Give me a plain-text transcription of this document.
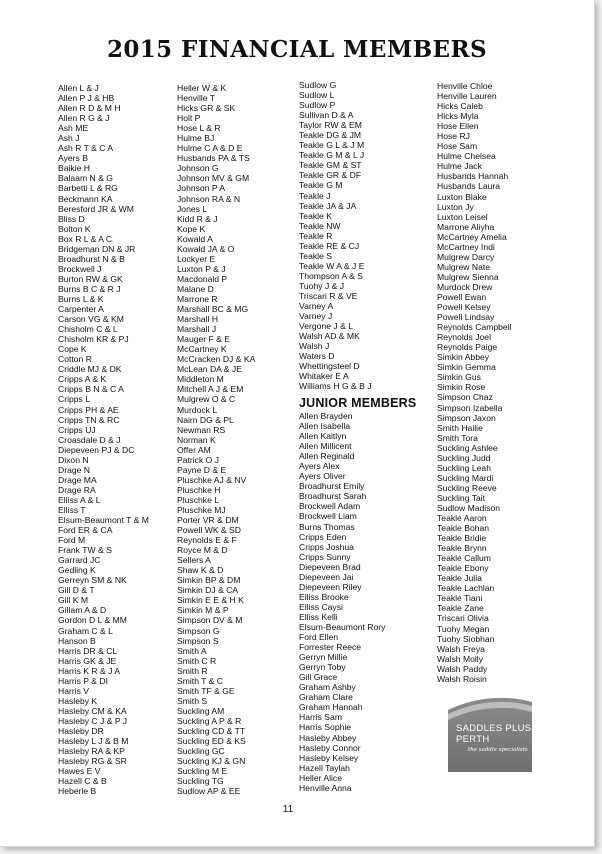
2015 FINANCIAL MEMBERS
Allen L & J
Allen P J & HB
Allen R D & M H
Allen R G & J
Ash ME
Ash J
Ash R T & C A
Ayers B
Baikie H
Balaam N & G
Barbetti L & RG
Beckmann KA
Beresford JR & WM
Bliss D
Bolton K
Box R L & A C
Bridgeman DN & JR
Broadhurst N & B
Brockwell J
Burton RW & GK
Burns B C & R J
Burns L & K
Carpenter A
Carson VG & KM
Chisholm C & L
Chisholm KR & PJ
Cope K
Cotton R
Criddle MJ & DK
Cripps A & K
Cripps B N & C A
Cripps L
Cripps PH & AE
Cripps TN & RC
Cripps UJ
Croasdale D & J
Diepeveen PJ & DC
Dixon N
Drage N
Drage MA
Drage RA
Elliss A & L
Elliss T
Elsum-Beaumont T & M
Ford ER & CA
Ford M
Frank TW & S
Garrard JC
Gedling K
Gerreyn SM & NK
Gill D & T
Gill K M
Gillam A & D
Gordon D L & MM
Graham C & L
Hanson B
Harris DR & CL
Harris GK & JE
Harris K R & J A
Harris P & DI
Harris V
Hasleby K
Hasleby CM & KA
Hasleby C J & P J
Hasleby DR
Hasleby L J & B M
Hasleby RA & KP
Hasleby RG & SR
Hawes E V
Hazell C & B
Heberle B
Heller W & K
Henville T
Hicks GR & SK
Holt P
Hose L & R
Hulme BJ
Hulme C A & D E
Husbands PA & TS
Johnson G
Johnson MV & GM
Johnson P A
Johnson RA & N
Jones L
Kidd R & J
Kope K
Kowald A
Kowald JA & O
Lockyer E
Luxton P & J
Macdonald P
Malane D
Marrone R
Marshall BC & MG
Marshall H
Marshall J
Mauger F & E
McCartney K
McCracken DJ & KA
McLean DA & JE
Middleton M
Mitchell A J & EM
Mulgrew O & C
Murdock L
Nairn DG & PL
Newman RS
Norman K
Offer AM
Patrick O J
Payne D & E
Pluschke AJ & NV
Pluschke H
Pluschke L
Pluschke MJ
Porter VR & DM
Powell WK & SD
Reynolds E & F
Royce M & D
Sellers A
Shaw K & D
Simkin BP & DM
Simkin DJ & CA
Simkin E E & H K
Simkin M & P
Simpson DV & M
Simpson G
Simpson S
Smith A
Smith C R
Smith R
Smith T & C
Smith TF & GE
Smith S
Suckling AM
Suckling A P & R
Suckling CD & TT
Suckling ED & KS
Suckling GC
Suckling KJ & GN
Suckling M E
Suckling TG
Sudlow AP & EE
Sudlow G
Sudlow L
Sudlow P
Sullivan D & A
Taylor RW & EM
Teakle DG & JM
Teakle G L & J M
Teakle G M & L J
Teakle GM & ST
Teakle GR & DF
Teakle G M
Teakle J
Teakle JA & JA
Teakle K
Teakle NW
Teakle R
Teakle RE & CJ
Teakle S
Teakle W A & J E
Thompson A & S
Tuohy J & J
Triscari R & VE
Varney A
Varney J
Vergone J & L
Walsh AD & MK
Walsh J
Waters D
Whettingsteel D
Whitaker E A
Williams H G & B J
Henville Chloe
Henville Lauren
Hicks Caleb
Hicks Myla
Hose Ellen
Hose RJ
Hose Sam
Hulme Chelsea
Hulme Jack
Husbands Hannah
Husbands Laura
Luxton Blake
Luxton Jy
Luxton Leisel
Marrone Aliyha
McCartney Amelia
McCartney Indi
Mulgrew Darcy
Mulgrew Nate
Mulgrew Sienna
Murdock Drew
Powell Ewan
Powell Kelsey
Powell Lindsay
Reynolds Campbell
Reynolds Joel
Reynolds Paige
Simkin Abbey
Simkin Gemma
Simkin Gus
Simkin Rose
Simpson Chaz
Simpson Izabella
Simpson Jaxon
Smith Hailie
Smith Tora
Suckling Ashlee
Suckling Judd
Suckling Leah
Suckling Mardi
Suckling Reeve
Suckling Tait
Sudlow Madison
Teakle Aaron
Teakle Bohan
Teakle Bridie
Teakle Brynn
Teakle Callum
Teakle Ebony
Teakle Julia
Teakle Lachlan
Teakle Tiani
Teakle Zane
Triscari Olivia
Tuohy Megan
Tuohy Siobhan
Walsh Freya
Walsh Molly
Walsh Paddy
Walsh Roisin
JUNIOR MEMBERS
Allen Brayden
Allen Isabella
Allen Kaitlyn
Allen Millicent
Allen Reginald
Ayers Alex
Ayers Oliver
Broadhurst Emily
Broadhurst Sarah
Brockwell Adam
Brockwell Liam
Burns Thomas
Cripps Eden
Cripps Joshua
Cripps Sunny
Diepeveen Brad
Diepeveen Jai
Diepeveen Riley
Elliss Brooke
Elliss Caysi
Elliss Kelli
Elsum-Beaumont Rory
Ford Ellen
Forrester Reece
Gerryn Millie
Gerryn Toby
Gill Grace
Graham Ashby
Graham Clare
Graham Hannah
Harris Sam
Harris Sophie
Hasleby Abbey
Hasleby Connor
Hasleby Kelsey
Hazell Taylah
Heller Alice
Henville Anna
SADDLES PLUS
PERTH
the saddle specialists
11
